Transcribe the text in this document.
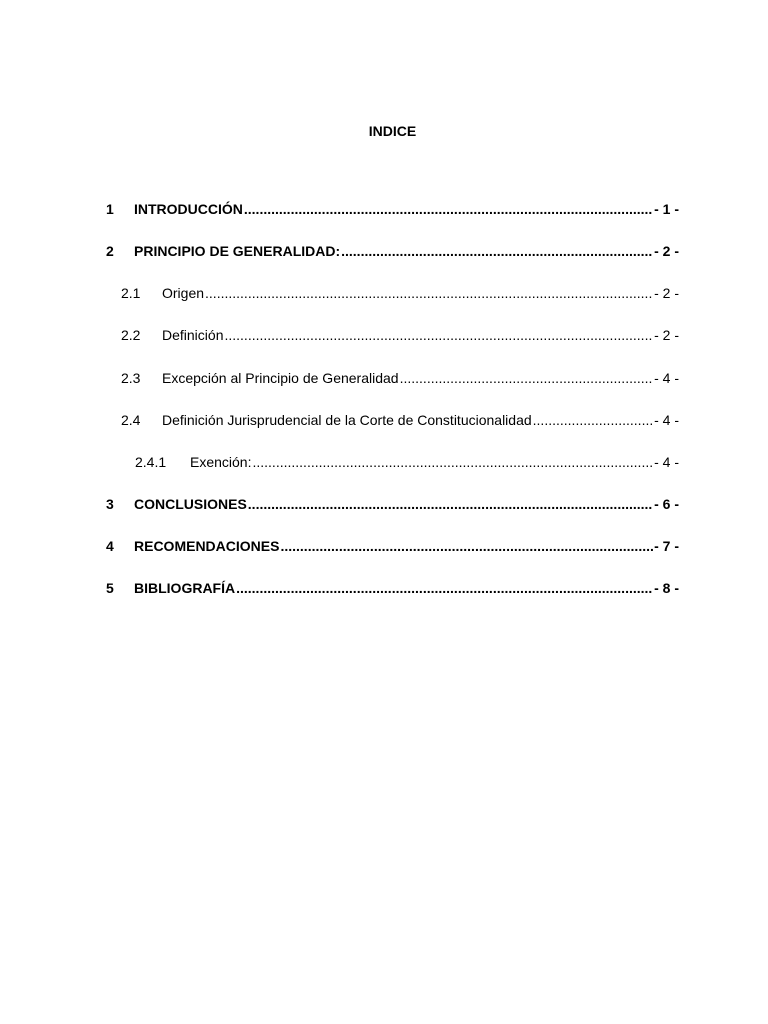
INDICE
1	INTRODUCCIÓN .....	- 1 -
2	PRINCIPIO DE GENERALIDAD: .....	- 2 -
2.1	Origen .....	- 2 -
2.2	Definición .....	- 2 -
2.3	Excepción al Principio de Generalidad .....	- 4 -
2.4	Definición Jurisprudencial de la Corte de Constitucionalidad .....	- 4 -
2.4.1	Exención: .....	- 4 -
3	CONCLUSIONES .....	- 6 -
4	RECOMENDACIONES .....	- 7 -
5	BIBLIOGRAFÍA .....	- 8 -
